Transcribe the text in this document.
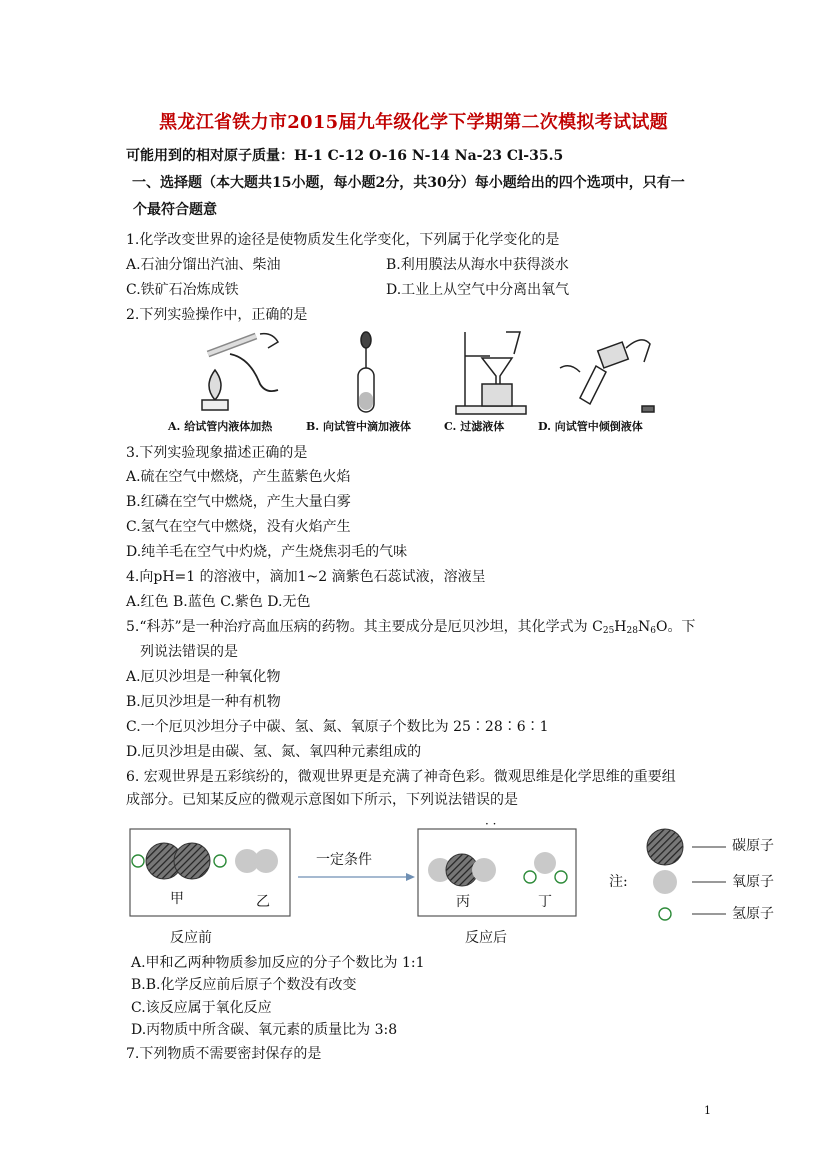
黑龙江省铁力市2015届九年级化学下学期第二次模拟考试试题
可能用到的相对原子质量：H-1 C-12 O-16 N-14 Na-23 Cl-35.5
一、选择题（本大题共15小题，每小题2分，共30分）每小题给出的四个选项中，只有一
个最符合题意
1.化学改变世界的途径是使物质发生化学变化，下列属于化学变化的是
A.石油分馏出汽油、柴油	B.利用膜法从海水中获得淡水
C.铁矿石冶炼成铁	D.工业上从空气中分离出氧气
2.下列实验操作中，正确的是
A. 给试管内液体加热	B. 向试管中滴加液体	C. 过滤液体	D. 向试管中倾倒液体
3.下列实验现象描述正确的是
A.硫在空气中燃烧，产生蓝紫色火焰
B.红磷在空气中燃烧，产生大量白雾
C.氢气在空气中燃烧，没有火焰产生
D.纯羊毛在空气中灼烧，产生烧焦羽毛的气味
4.向pH=1 的溶液中，滴加1~2 滴紫色石蕊试液，溶液呈
A.红色 B.蓝色 C.紫色 D.无色
5.“科苏”是一种治疗高血压病的药物。其主要成分是厄贝沙坦，其化学式为 $C_{25}H_{28}N_6O$。下
列说法错误的是
A.厄贝沙坦是一种氧化物
B.厄贝沙坦是一种有机物
C.一个厄贝沙坦分子中碳、氢、氮、氧原子个数比为 25∶28∶6∶1
D.厄贝沙坦是由碳、氢、氮、氧四种元素组成的
6. 宏观世界是五彩缤纷的，微观世界更是充满了神奇色彩。微观思维是化学思维的重要组
成部分。已知某反应的微观示意图如下所示，下列说法错误的是
甲	乙
一定条件
丙	丁
反应前	反应后
· ·
注:
碳原子
氧原子
氢原子
A.甲和乙两种物质参加反应的分子个数比为 1:1
B.B.化学反应前后原子个数没有改变
C.该反应属于氧化反应
D.丙物质中所含碳、氧元素的质量比为 3:8
7.下列物质不需要密封保存的是
1
